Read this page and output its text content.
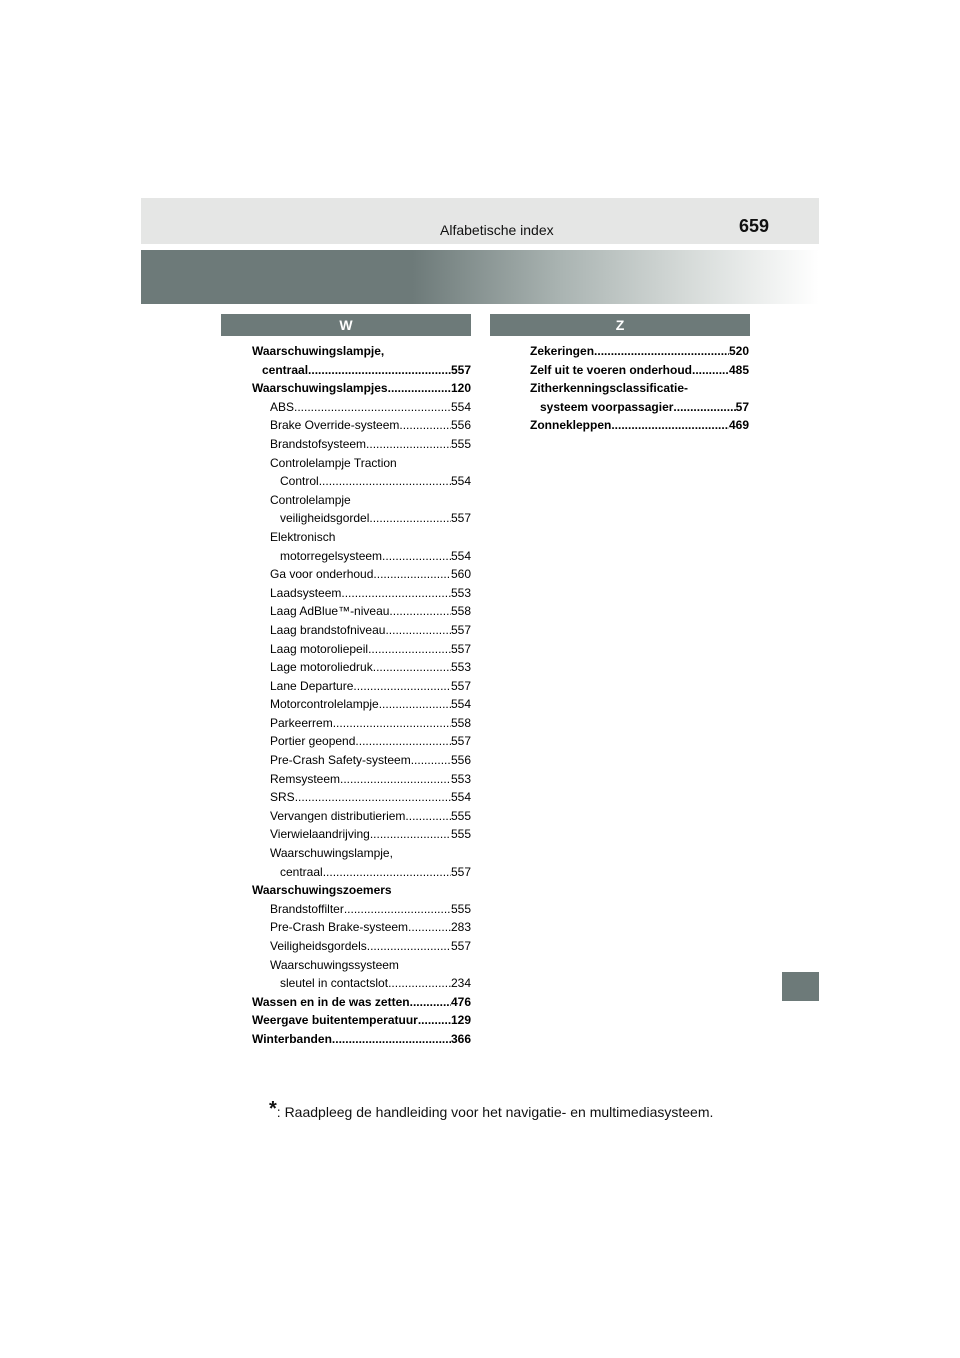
Alfabetische index	659
W	Z
Waarschuwingslampje,
centraal .....	557
Waarschuwingslampjes .....	120
ABS .....	554
Brake Override-systeem .....	556
Brandstofsysteem .....	555
Controlelampje Traction
Control .....	554
Controlelampje
veiligheidsgordel .....	557
Elektronisch
motorregelsysteem .....	554
Ga voor onderhoud .....	560
Laadsysteem .....	553
Laag AdBlue™-niveau .....	558
Laag brandstofniveau .....	557
Laag motoroliepeil .....	557
Lage motoroliedruk .....	553
Lane Departure .....	557
Motorcontrolelampje .....	554
Parkeerrem .....	558
Portier geopend .....	557
Pre-Crash Safety-systeem .....	556
Remsysteem .....	553
SRS .....	554
Vervangen distributieriem .....	555
Vierwielaandrijving .....	555
Waarschuwingslampje,
centraal .....	557
Waarschuwingszoemers
Brandstoffilter .....	555
Pre-Crash Brake-systeem .....	283
Veiligheidsgordels .....	557
Waarschuwingssysteem
sleutel in contactslot .....	234
Wassen en in de was zetten .....	476
Weergave buitentemperatuur .....	129
Winterbanden .....	366
Zekeringen .....	520
Zelf uit te voeren onderhoud .....	485
Zitherkenningsclassificatie-
systeem voorpassagier .....	57
Zonnekleppen .....	469
*: Raadpleeg de handleiding voor het navigatie- en multimediasysteem.
